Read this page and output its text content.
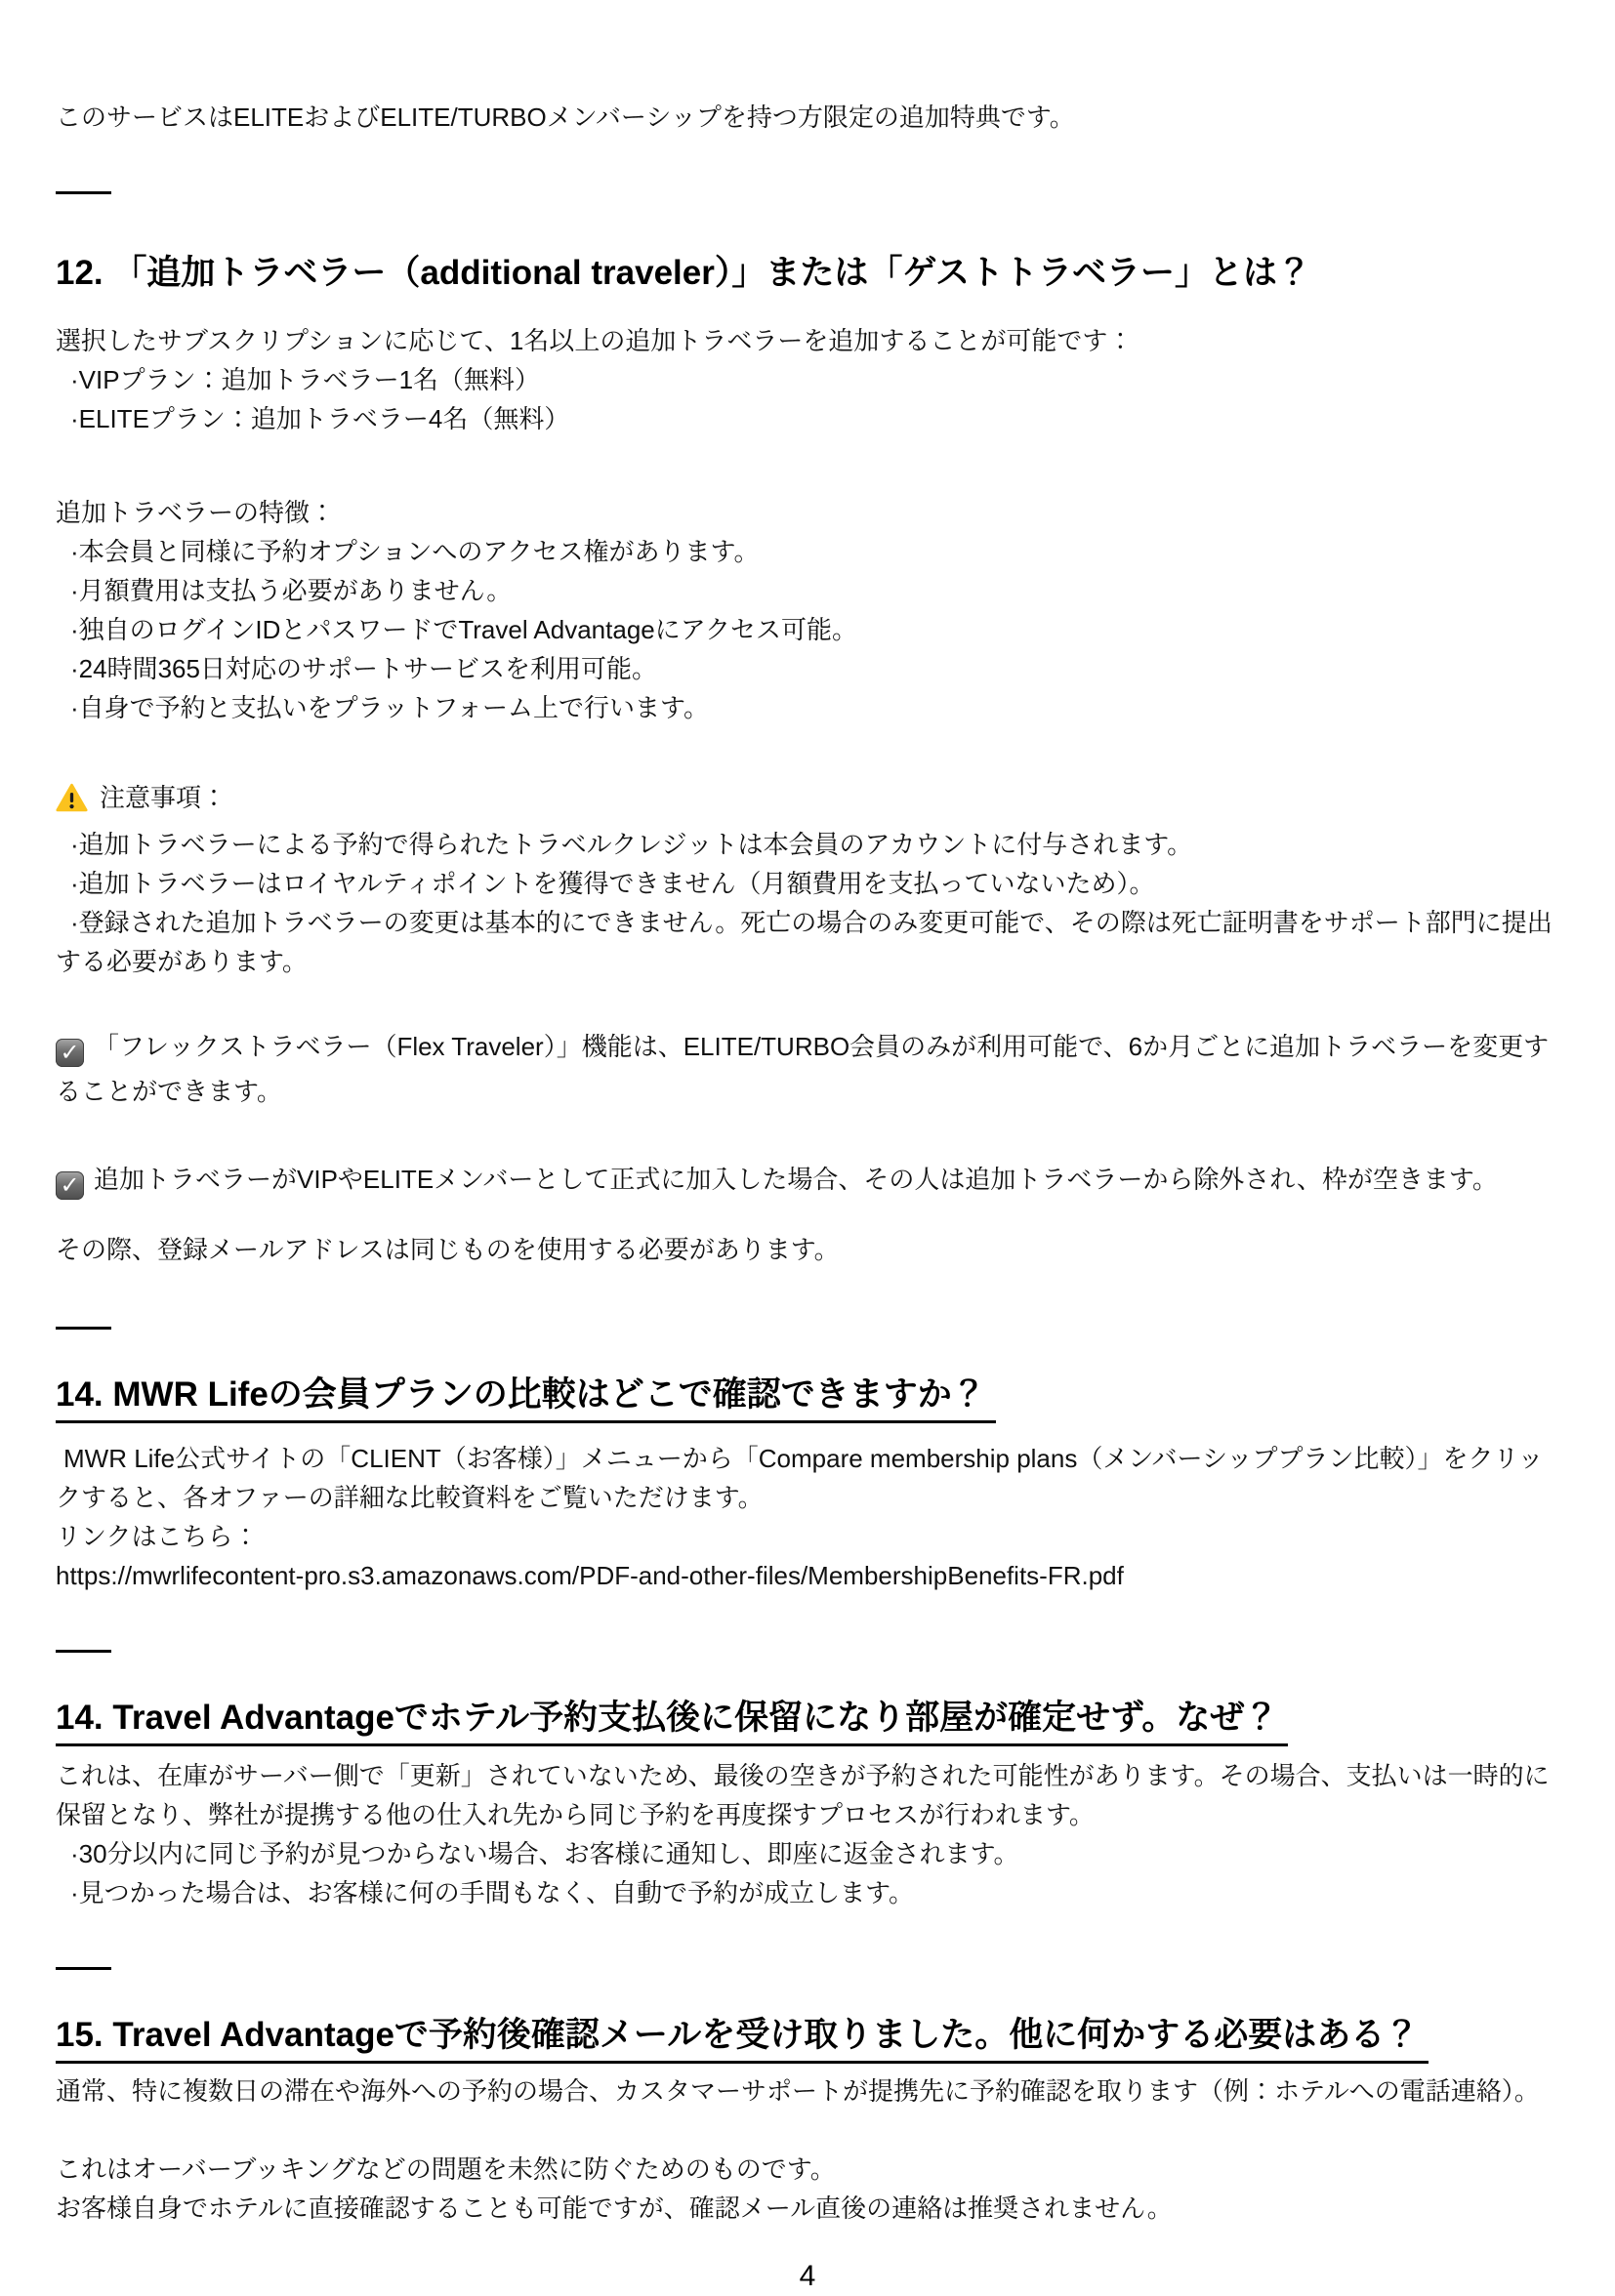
このサービスはELITEおよびELITE/TURBOメンバーシップを持つ方限定の追加特典です。

12. 「追加トラベラー（additional traveler）」または「ゲストトラベラー」とは？

選択したサブスクリプションに応じて、1名以上の追加トラベラーを追加することが可能です：

·VIPプラン：追加トラベラー1名（無料）

·ELITEプラン：追加トラベラー4名（無料）

追加トラベラーの特徴：

·本会員と同様に予約オプションへのアクセス権があります。

·月額費用は支払う必要がありません。

·独自のログインIDとパスワードでTravel Advantageにアクセス可能。

·24時間365日対応のサポートサービスを利用可能。

·自身で予約と支払いをプラットフォーム上で行います。

注意事項：

·追加トラベラーによる予約で得られたトラベルクレジットは本会員のアカウントに付与されます。

·追加トラベラーはロイヤルティポイントを獲得できません（月額費用を支払っていないため）。

·登録された追加トラベラーの変更は基本的にできません。死亡の場合のみ変更可能で、その際は死亡証明書をサポート部門に提出する必要があります。

✓ 「フレックストラベラー（Flex Traveler）」機能は、ELITE/TURBO会員のみが利用可能で、6か月ごとに追加トラベラーを変更することができます。

✓ 追加トラベラーがVIPやELITEメンバーとして正式に加入した場合、その人は追加トラベラーから除外され、枠が空きます。

その際、登録メールアドレスは同じものを使用する必要があります。

14. MWR Lifeの会員プランの比較はどこで確認できますか？

MWR Life公式サイトの「CLIENT（お客様）」メニューから「Compare membership plans（メンバーシッププラン比較）」をクリックすると、各オファーの詳細な比較資料をご覧いただけます。

リンクはこちら：

https://mwrlifecontent-pro.s3.amazonaws.com/PDF-and-other-files/MembershipBenefits-FR.pdf

14. Travel Advantageでホテル予約支払後に保留になり部屋が確定せず。なぜ？

これは、在庫がサーバー側で「更新」されていないため、最後の空きが予約された可能性があります。その場合、支払いは一時的に保留となり、弊社が提携する他の仕入れ先から同じ予約を再度探すプロセスが行われます。

·30分以内に同じ予約が見つからない場合、お客様に通知し、即座に返金されます。

·見つかった場合は、お客様に何の手間もなく、自動で予約が成立します。

15. Travel Advantageで予約後確認メールを受け取りました。他に何かする必要はある？

通常、特に複数日の滞在や海外への予約の場合、カスタマーサポートが提携先に予約確認を取ります（例：ホテルへの電話連絡）。

これはオーバーブッキングなどの問題を未然に防ぐためのものです。

お客様自身でホテルに直接確認することも可能ですが、確認メール直後の連絡は推奨されません。

4
